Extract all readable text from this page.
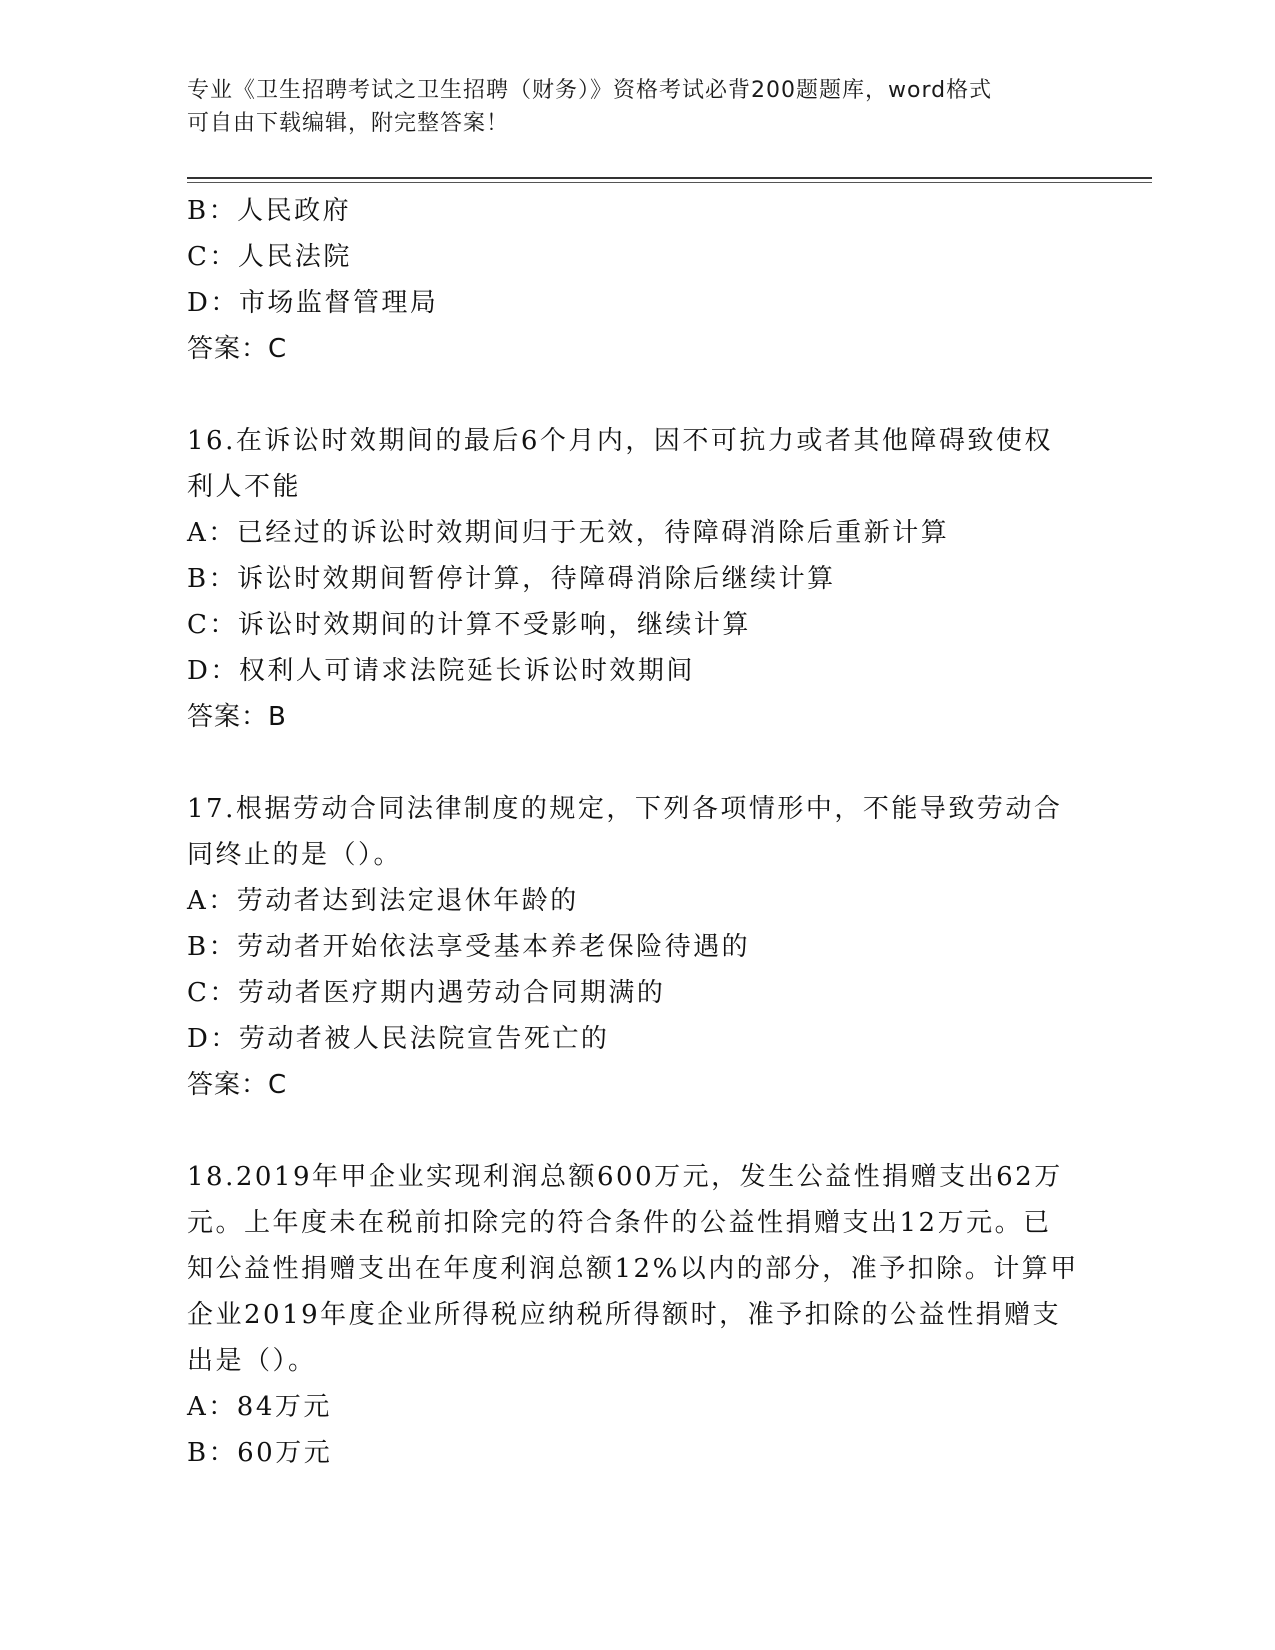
专业《卫生招聘考试之卫生招聘（财务）》资格考试必背200题题库，word格式
可自由下载编辑，附完整答案！
B：人民政府
C：人民法院
D：市场监督管理局
答案：C
16.在诉讼时效期间的最后6个月内，因不可抗力或者其他障碍致使权
利人不能
A：已经过的诉讼时效期间归于无效，待障碍消除后重新计算
B：诉讼时效期间暂停计算，待障碍消除后继续计算
C：诉讼时效期间的计算不受影响，继续计算
D：权利人可请求法院延长诉讼时效期间
答案：B
17.根据劳动合同法律制度的规定，下列各项情形中，不能导致劳动合
同终止的是（）。
A：劳动者达到法定退休年龄的
B：劳动者开始依法享受基本养老保险待遇的
C：劳动者医疗期内遇劳动合同期满的
D：劳动者被人民法院宣告死亡的
答案：C
18.2019年甲企业实现利润总额600万元，发生公益性捐赠支出62万
元。上年度未在税前扣除完的符合条件的公益性捐赠支出12万元。已
知公益性捐赠支出在年度利润总额12%以内的部分，准予扣除。计算甲
企业2019年度企业所得税应纳税所得额时，准予扣除的公益性捐赠支
出是（）。
A：84万元
B：60万元
